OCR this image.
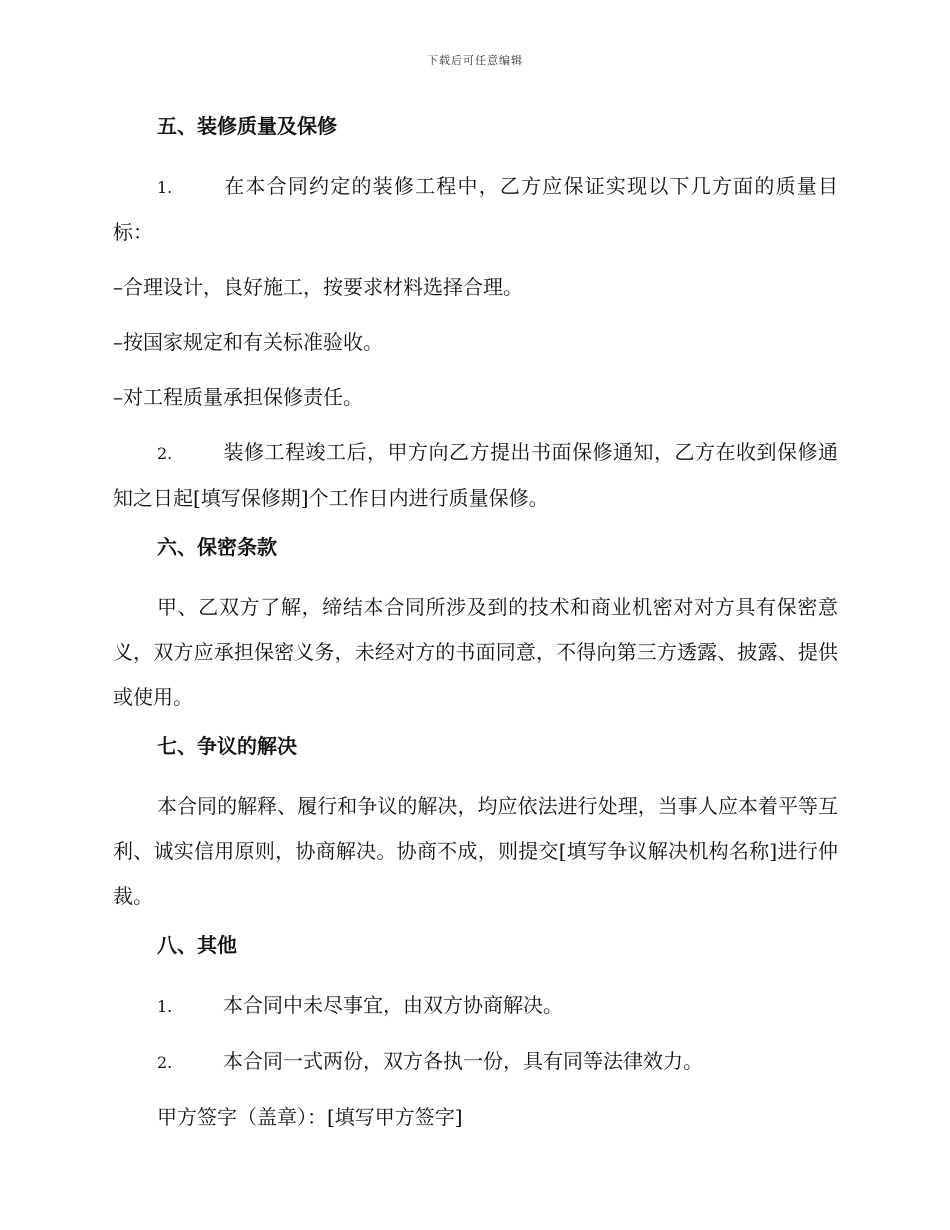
下载后可任意编辑
五、装修质量及保修
1.	在本合同约定的装修工程中，乙方应保证实现以下几方面的质量目标：
–合理设计，良好施工，按要求材料选择合理。
–按国家规定和有关标准验收。
–对工程质量承担保修责任。
2.	装修工程竣工后，甲方向乙方提出书面保修通知，乙方在收到保修通知之日起[填写保修期]个工作日内进行质量保修。
六、保密条款
甲、乙双方了解，缔结本合同所涉及到的技术和商业机密对对方具有保密意义，双方应承担保密义务，未经对方的书面同意，不得向第三方透露、披露、提供或使用。
七、争议的解决
本合同的解释、履行和争议的解决，均应依法进行处理，当事人应本着平等互利、诚实信用原则，协商解决。协商不成，则提交[填写争议解决机构名称]进行仲裁。
八、其他
1.	本合同中未尽事宜，由双方协商解决。
2.	本合同一式两份，双方各执一份，具有同等法律效力。
甲方签字（盖章）：[填写甲方签字]
